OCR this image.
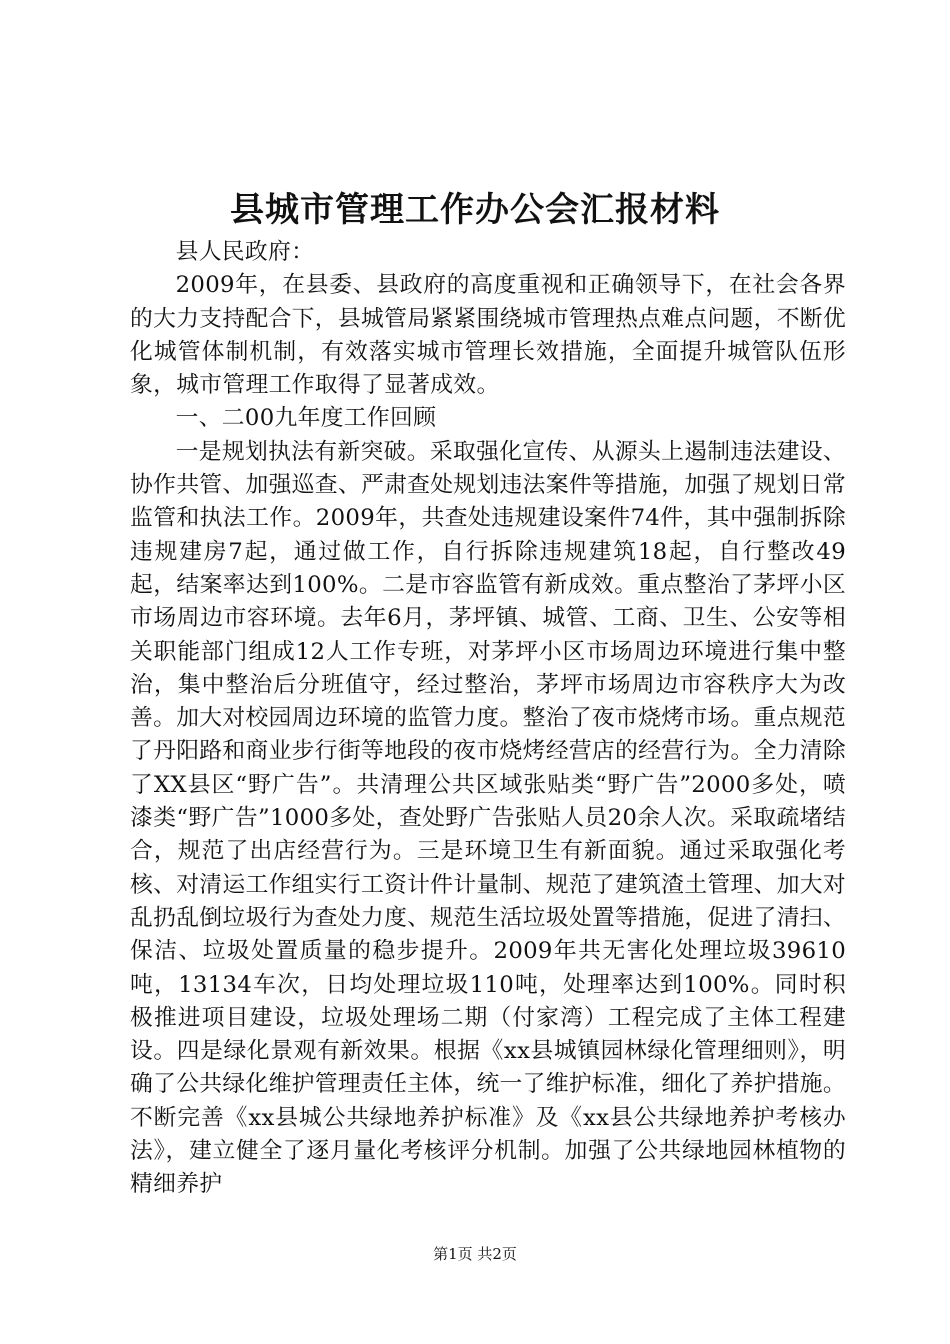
县城市管理工作办公会汇报材料

县人民政府：

2009年，在县委、县政府的高度重视和正确领导下，在社会各界的大力支持配合下，县城管局紧紧围绕城市管理热点难点问题，不断优化城管体制机制，有效落实城市管理长效措施，全面提升城管队伍形象，城市管理工作取得了显著成效。

一、二00九年度工作回顾

一是规划执法有新突破。采取强化宣传、从源头上遏制违法建设、协作共管、加强巡查、严肃查处规划违法案件等措施，加强了规划日常监管和执法工作。2009年，共查处违规建设案件74件，其中强制拆除违规建房7起，通过做工作，自行拆除违规建筑18起，自行整改49起，结案率达到100%。二是市容监管有新成效。重点整治了茅坪小区市场周边市容环境。去年6月，茅坪镇、城管、工商、卫生、公安等相关职能部门组成12人工作专班，对茅坪小区市场周边环境进行集中整治，集中整治后分班值守，经过整治，茅坪市场周边市容秩序大为改善。加大对校园周边环境的监管力度。整治了夜市烧烤市场。重点规范了丹阳路和商业步行街等地段的夜市烧烤经营店的经营行为。全力清除了XX县区“野广告”。共清理公共区域张贴类“野广告”2000多处，喷漆类“野广告”1000多处，查处野广告张贴人员20余人次。采取疏堵结合，规范了出店经营行为。三是环境卫生有新面貌。通过采取强化考核、对清运工作组实行工资计件计量制、规范了建筑渣土管理、加大对乱扔乱倒垃圾行为查处力度、规范生活垃圾处置等措施，促进了清扫、保洁、垃圾处置质量的稳步提升。2009年共无害化处理垃圾39610吨，13134车次，日均处理垃圾110吨，处理率达到100%。同时积极推进项目建设，垃圾处理场二期（付家湾）工程完成了主体工程建设。四是绿化景观有新效果。根据《xx县城镇园林绿化管理细则》，明确了公共绿化维护管理责任主体，统一了维护标准，细化了养护措施。不断完善《xx县城公共绿地养护标准》及《xx县公共绿地养护考核办法》，建立健全了逐月量化考核评分机制。加强了公共绿地园林植物的精细养护

第1页 共2页
